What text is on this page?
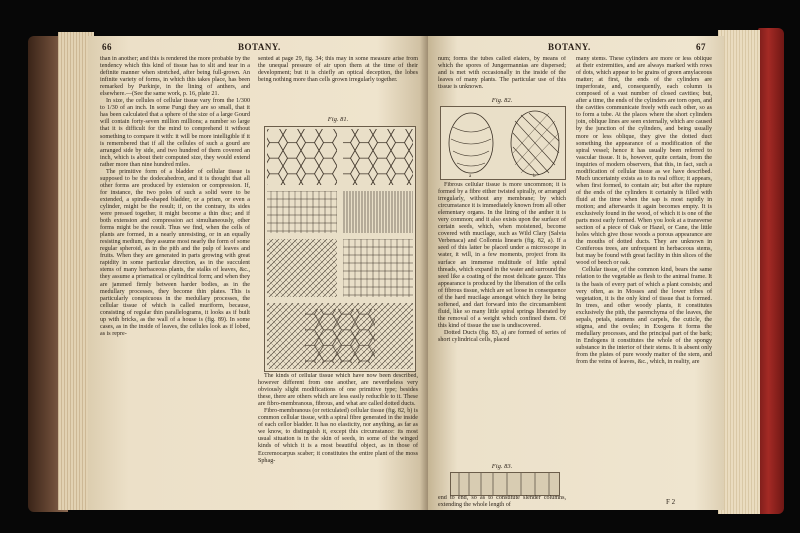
66	BOTANY.

than in another; and this is rendered the more probable by the tendency which this kind of tissue has to slit and tear in a definite manner when stretched, after being full-grown. An infinite variety of forms, in which this takes place, has been remarked by Purkinje, in the lining of anthers, and elsewhere.—(See the same work, p. 16, plate 21.

In size, the cellules of cellular tissue vary from the 1/300 to 1/30 of an inch. In some Fungi they are so small, that it has been calculated that a sphere of the size of a large Gourd will contain forty-seven million millions; a number so large that it is difficult for the mind to comprehend it without something to compare it with: it will be more intelligible if it is remembered that if all the cellules of such a gourd are arranged side by side, and two hundred of them covered an inch, which is about their computed size, they would extend rather more than nine hundred miles.

The primitive form of a bladder of cellular tissue is supposed to be the dodecahedron, and it is thought that all other forms are produced by extension or compression. If, for instance, the two poles of such a solid were to be extended, a spindle-shaped bladder, or a prism, or even a cylinder, might be the result; if, on the contrary, its sides were pressed together, it might become a thin disc; and if both extension and compression act simultaneously, other forms might be the result. Thus we find, when the cells of plants are formed, in a nearly unresisting, or in an equally resisting medium, they assume most nearly the form of some regular spheroid, as in the pith and the pulp of leaves and fruits. When they are generated in parts growing with great rapidity in some particular direction, as in the succulent stems of many herbaceous plants, the stalks of leaves, &c., they assume a prismatical or cylindrical form; and when they are jammed firmly between harder bodies, as in the medullary processes, they become thin plates. This is particularly conspicuous in the medullary processes, the cellular tissue of which is called muriform, because, consisting of regular thin parallelograms, it looks as if built up with bricks, as the wall of a house is (fig. 89). In some cases, as in the inside of leaves, the cellules look as if lobed, as is repre-

sented at page 29, fig. 34; this may in some measure arise from the unequal pressure of air upon them at the time of their development; but it is chiefly an optical deception, the lobes being nothing more than cells grown irregularly together.

Fig. 81.

The kinds of cellular tissue which have now been described, however different from one another, are nevertheless very obviously slight modifications of one primitive type; besides these, there are others which are less easily reducible to it. These are fibro-membranous, fibrous, and what are called dotted ducts.

Fibro-membranous (or reticulated) cellular tissue (fig. 82, b) is common cellular tissue, with a spiral fibre generated in the inside of each cellor bladder. It has no elasticity, nor anything, as far as we know, to distinguish it, except this circumstance: its most usual situation is in the skin of seeds, in some of the winged kinds of which it is a most beautiful object, as in those of Eccremocarpus scaber; it constitutes the entire plant of the moss Sphag-

BOTANY.	67

num; forms the tubes called elaters, by means of which the spores of Jungermannias are dispersed; and is met with occasionally in the inside of the leaves of many plants. The particular use of this tissue is unknown.

Fig. 82.
a	b

Fibrous cellular tissue is more uncommon; it is formed by a fibre either twisted spirally, or arranged irregularly, without any membrane; by which circumstance it is immediately known from all other elementary organs. In the lining of the anther it is very common; and it also exists upon the surface of certain seeds, which, when moistened, become covered with mucilage, such as Wild Clary (Salvia Verbenaca) and Collomia linearis (fig. 82, a). If a seed of this latter be placed under a microscope in water, it will, in a few moments, project from its surface an immense multitude of little spiral threads, which expand in the water and surround the seed like a coating of the most delicate gauze. This appearance is produced by the liberation of the cells of fibrous tissue, which are set loose in consequence of the hard mucilage amongst which they lie being softened, and dart forward into the circumambient fluid, like so many little spiral springs liberated by the removal of a weight which confined them. Of this kind of tissue the use is undiscovered.

Dotted Ducts (fig. 83, a) are formed of series of short cylindrical cells, placed

Fig. 83.

end to end, so as to constitute slender columns, extending the whole length of

many stems. These cylinders are more or less oblique at their extremities, and are always marked with rows of dots, which appear to be grains of green amylaceous matter; at first, the ends of the cylinders are imperforate, and, consequently, each column is composed of a vast number of closed cavities; but, after a time, the ends of the cylinders are torn open, and the cavities communicate freely with each other, so as to form a tube. At the places where the short cylinders join, oblique lines are seen externally, which are caused by the junction of the cylinders, and being usually more or less oblique, they give the dotted duct something the appearance of a modification of the spiral vessel; hence it has usually been referred to vascular tissue. It is, however, quite certain, from the inquiries of modern observers, that this, in fact, such a modification of cellular tissue as we have described. Much uncertainty exists as to its real office; it appears, when first formed, to contain air; but after the rupture of the ends of the cylinders it certainly is filled with fluid at the time when the sap is most rapidly in motion; and afterwards it again becomes empty. It is exclusively found in the wood, of which it is one of the parts most early formed. When you look at a transverse section of a piece of Oak or Hazel, or Cane, the little holes which give those woods a porous appearance are the mouths of dotted ducts. They are unknown in Coniferous trees, are unfrequent in herbaceous stems, but may be found with great facility in thin slices of the wood of beech or oak.

Cellular tissue, of the common kind, bears the same relation to the vegetable as flesh to the animal frame. It is the basis of every part of which a plant consists; and very often, as in Mosses and the lower tribes of vegetation, it is the only kind of tissue that is formed. In trees, and other woody plants, it constitutes exclusively the pith, the parenchyma of the leaves, the sepals, petals, stamens and carpels, the cuticle, the stigma, and the ovules; in Exogens it forms the medullary processes, and the principal part of the bark; in Endogens it constitutes the whole of the spongy substance in the interior of their stems. It is absent only from the plates of pure woody matter of the stem, and from the veins of leaves, &c., which, in reality, are

F 2
